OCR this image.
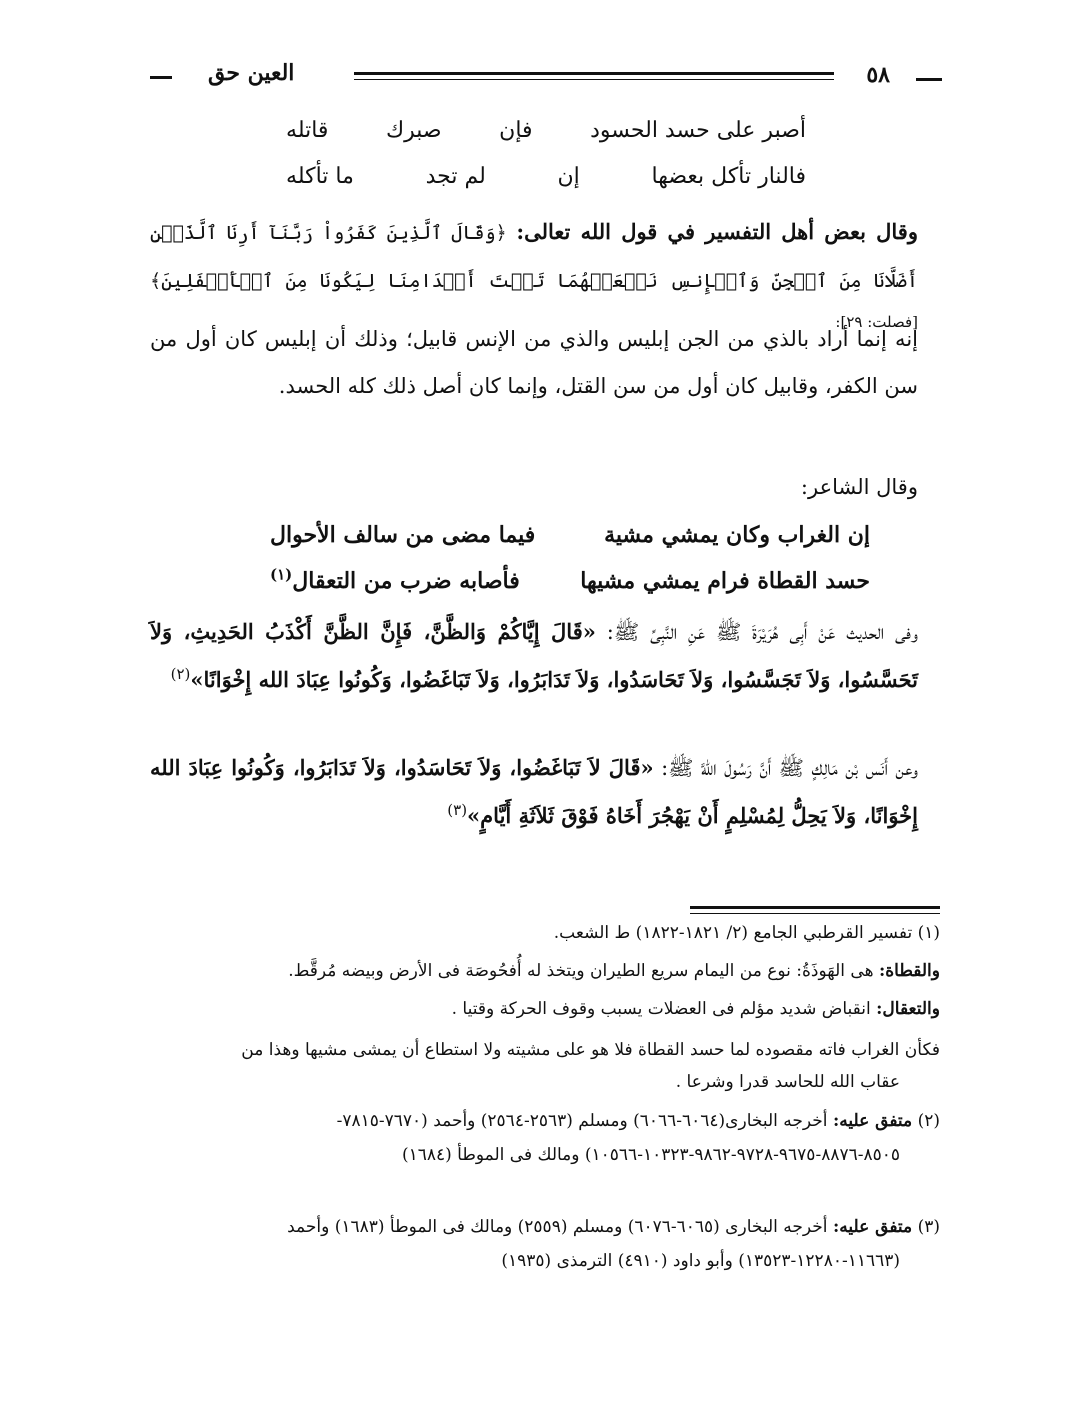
٥٨
العين حق
أصبر على حسد الحسود
فإن
صبرك
قاتله
فالنار تأكل بعضها
إن
لم تجد
ما تأكله
وقال بعض أهل التفسير في قول الله تعالى: ﴿وَقَالَ ٱلَّذِينَ كَفَرُواْ رَبَّنَآ أَرِنَا ٱلَّذَيۡنِ أَضَلَّانَا مِنَ ٱلۡجِنِّ وَٱلۡإِنسِ نَجۡعَلۡهُمَا تَحۡتَ أَقۡدَامِنَا لِيَكُونَا مِنَ ٱلۡأَسۡفَلِينَ﴾ $^{[فصلت: ٢٩]:}$
إنه إنما أراد بالذي من الجن إبليس والذي من الإنس قابيل؛ وذلك أن إبليس كان أول من سن الكفر، وقابيل كان أول من سن القتل، وإنما كان أصل ذلك كله الحسد.
وقال الشاعر:
إن الغراب وكان يمشي مشية
فيما مضى من سالف الأحوال
حسد القطاة فرام يمشي مشيها
فأصابه ضرب من التعقال$^{(١)}$
وفى الحديث عَنْ أَبِى هُرَيْرَةَ ﷺ عَنِ النَّبِىِّ ﷺ: «قَالَ إِيَّاكُمْ وَالظَّنَّ، فَإِنَّ الظَّنَّ أَكْذَبُ الحَدِيثِ، وَلاَ تَحَسَّسُوا، وَلاَ تَجَسَّسُوا، وَلاَ تَحَاسَدُوا، وَلاَ تَدَابَرُوا، وَلاَ تَبَاغَضُوا، وَكُونُوا عِبَادَ الله إِخْوَانًا»$^{(٢)}$
وعن أَنَس بْن مَالِكٍ ﷺ أَنَّ رَسُولَ اللهَّ ﷺ: «قَالَ لاَ تَبَاغَضُوا، وَلاَ تَحَاسَدُوا، وَلاَ تَدَابَرُوا، وَكُونُوا عِبَادَ الله إِخْوَانًا، وَلاَ يَحِلُّ لِمُسْلِمٍ أَنْ يَهْجُرَ أَخَاهُ فَوْقَ ثَلاَثَةِ أَيَّامٍ»$^{(٣)}$
(١) تفسير القرطبي الجامع (٢/ ١٨٢١-١٨٢٢) ط الشعب.
والقطاة: هى الهَوذَةُ: نوع من اليمام سريع الطيران ويتخذ له أُفحُوصَة فى الأرض وبيضه مُرقَّط.
والتعقال: انقباض شديد مؤلم فى العضلات يسبب وقوف الحركة وقتيا .
فكأن الغراب فاته مقصوده لما حسد القطاة فلا هو على مشيته ولا استطاع أن يمشى مشيها وهذا من
عقاب الله للحاسد قدرا وشرعا .
(٢) متفق عليه: أخرجه البخارى(٦٠٦٤-٦٠٦٦) ومسلم (٢٥٦٣-٢٥٦٤) وأحمد (٧٦٧٠-٧٨١٥-
٨٥٠٥-٨٨٧٦-٩٦٧٥-٩٧٢٨-٩٨٦٢-١٠٣٢٣-١٠٥٦٦) ومالك فى الموطأ (١٦٨٤)
(٣) متفق عليه: أخرجه البخارى (٦٠٦٥-٦٠٧٦) ومسلم (٢٥٥٩) ومالك فى الموطأ (١٦٨٣) وأحمد
(١١٦٦٣-١٢٢٨٠-١٣٥٢٣) وأبو داود (٤٩١٠) الترمذى (١٩٣٥)
